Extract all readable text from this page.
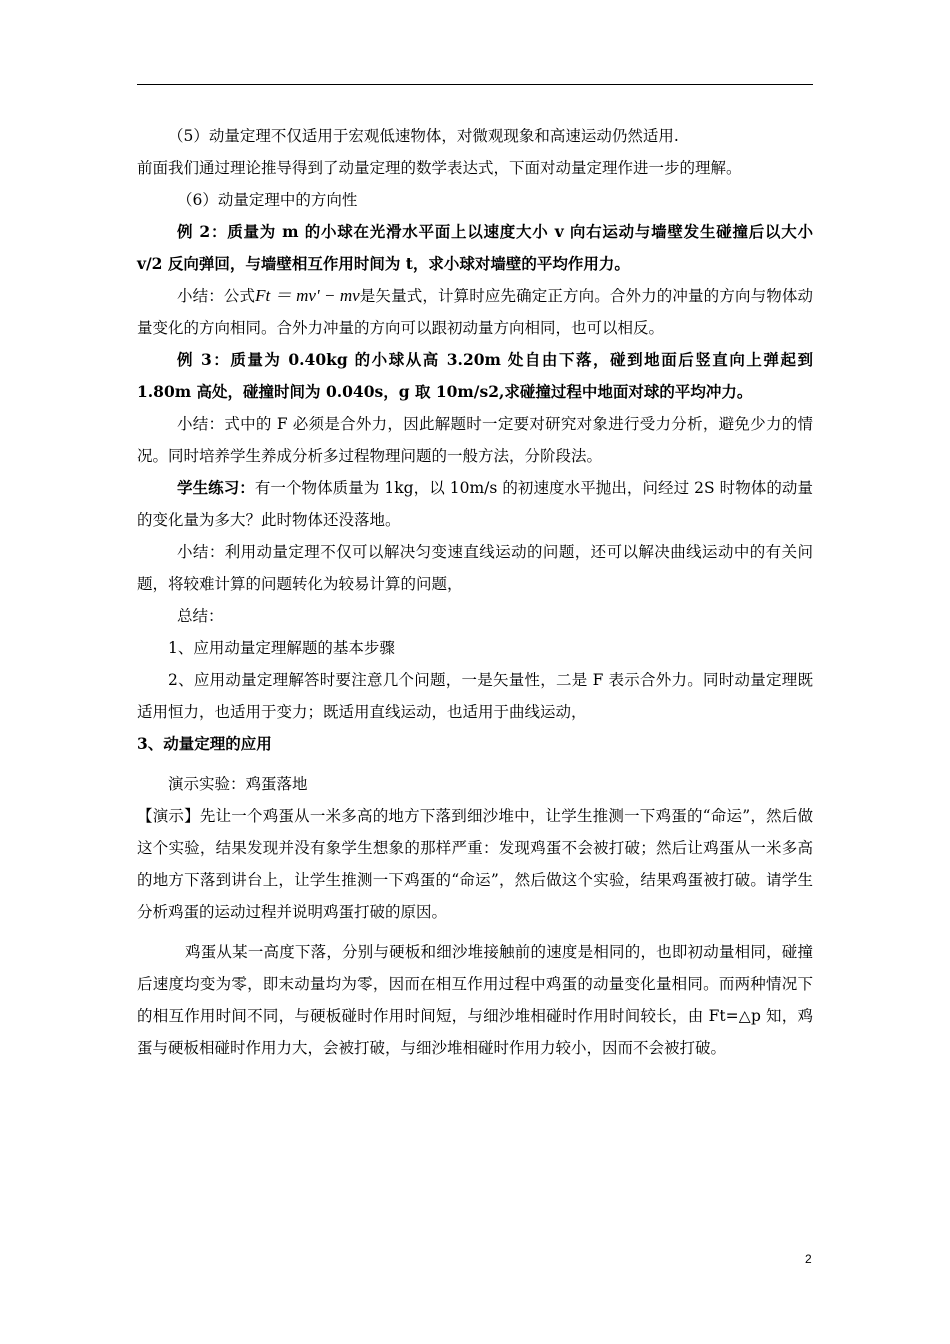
（5）动量定理不仅适用于宏观低速物体，对微观现象和高速运动仍然适用.

前面我们通过理论推导得到了动量定理的数学表达式，下面对动量定理作进一步的理解。

（6）动量定理中的方向性

例 2：质量为 m 的小球在光滑水平面上以速度大小 v 向右运动与墙壁发生碰撞后以大小 v/2 反向弹回，与墙壁相互作用时间为 t，求小球对墙壁的平均作用力。

小结：公式Ft ＝ mv' − mv是矢量式，计算时应先确定正方向。合外力的冲量的方向与物体动量变化的方向相同。合外力冲量的方向可以跟初动量方向相同，也可以相反。

例 3：质量为 0.40kg 的小球从高 3.20m 处自由下落，碰到地面后竖直向上弹起到 1.80m 高处，碰撞时间为 0.040s，g 取 10m/s2,求碰撞过程中地面对球的平均冲力。

小结：式中的 F 必须是合外力，因此解题时一定要对研究对象进行受力分析，避免少力的情况。同时培养学生养成分析多过程物理问题的一般方法，分阶段法。

学生练习：有一个物体质量为 1kg，以 10m/s 的初速度水平抛出，问经过 2S 时物体的动量的变化量为多大？此时物体还没落地。

小结：利用动量定理不仅可以解决匀变速直线运动的问题，还可以解决曲线运动中的有关问题，将较难计算的问题转化为较易计算的问题，

总结：

1、应用动量定理解题的基本步骤

2、应用动量定理解答时要注意几个问题，一是矢量性，二是 F 表示合外力。同时动量定理既适用恒力，也适用于变力；既适用直线运动，也适用于曲线运动，

3、动量定理的应用

演示实验：鸡蛋落地

【演示】先让一个鸡蛋从一米多高的地方下落到细沙堆中，让学生推测一下鸡蛋的“命运”，然后做这个实验，结果发现并没有象学生想象的那样严重：发现鸡蛋不会被打破；然后让鸡蛋从一米多高的地方下落到讲台上，让学生推测一下鸡蛋的“命运”，然后做这个实验，结果鸡蛋被打破。请学生分析鸡蛋的运动过程并说明鸡蛋打破的原因。

鸡蛋从某一高度下落，分别与硬板和细沙堆接触前的速度是相同的，也即初动量相同，碰撞后速度均变为零，即末动量均为零，因而在相互作用过程中鸡蛋的动量变化量相同。而两种情况下的相互作用时间不同，与硬板碰时作用时间短，与细沙堆相碰时作用时间较长，由 Ft=△p 知，鸡蛋与硬板相碰时作用力大，会被打破，与细沙堆相碰时作用力较小，因而不会被打破。

2
